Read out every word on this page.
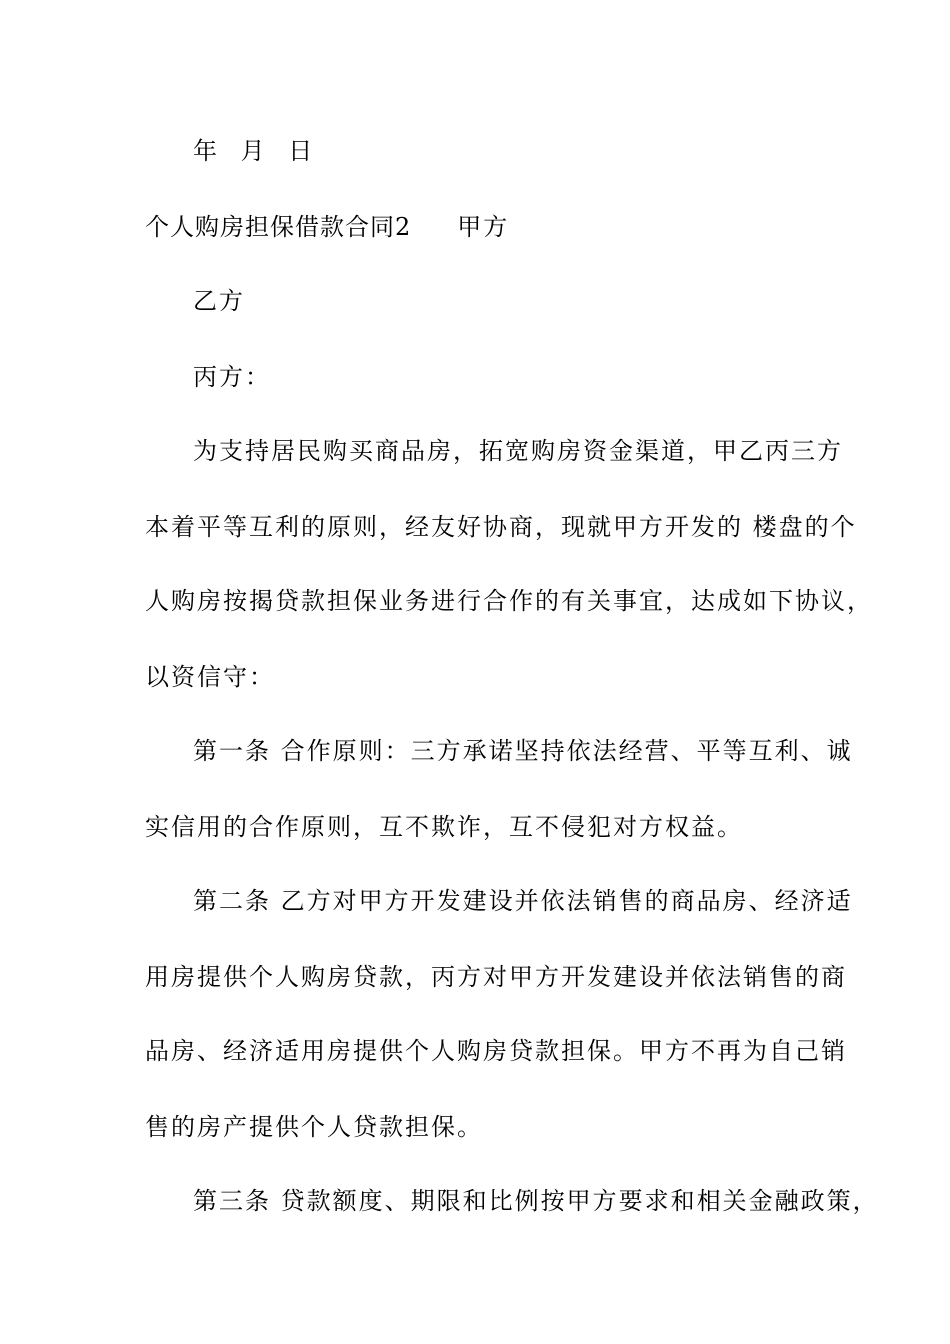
年 月 日
个人购房担保借款合同2 甲方
乙方
丙方：
为支持居民购买商品房，拓宽购房资金渠道，甲乙丙三方
本着平等互利的原则，经友好协商，现就甲方开发的 楼盘的个
人购房按揭贷款担保业务进行合作的有关事宜，达成如下协议，
以资信守：
第一条 合作原则：三方承诺坚持依法经营、平等互利、诚
实信用的合作原则，互不欺诈，互不侵犯对方权益。
第二条 乙方对甲方开发建设并依法销售的商品房、经济适
用房提供个人购房贷款，丙方对甲方开发建设并依法销售的商
品房、经济适用房提供个人购房贷款担保。甲方不再为自己销
售的房产提供个人贷款担保。
第三条 贷款额度、期限和比例按甲方要求和相关金融政策，
